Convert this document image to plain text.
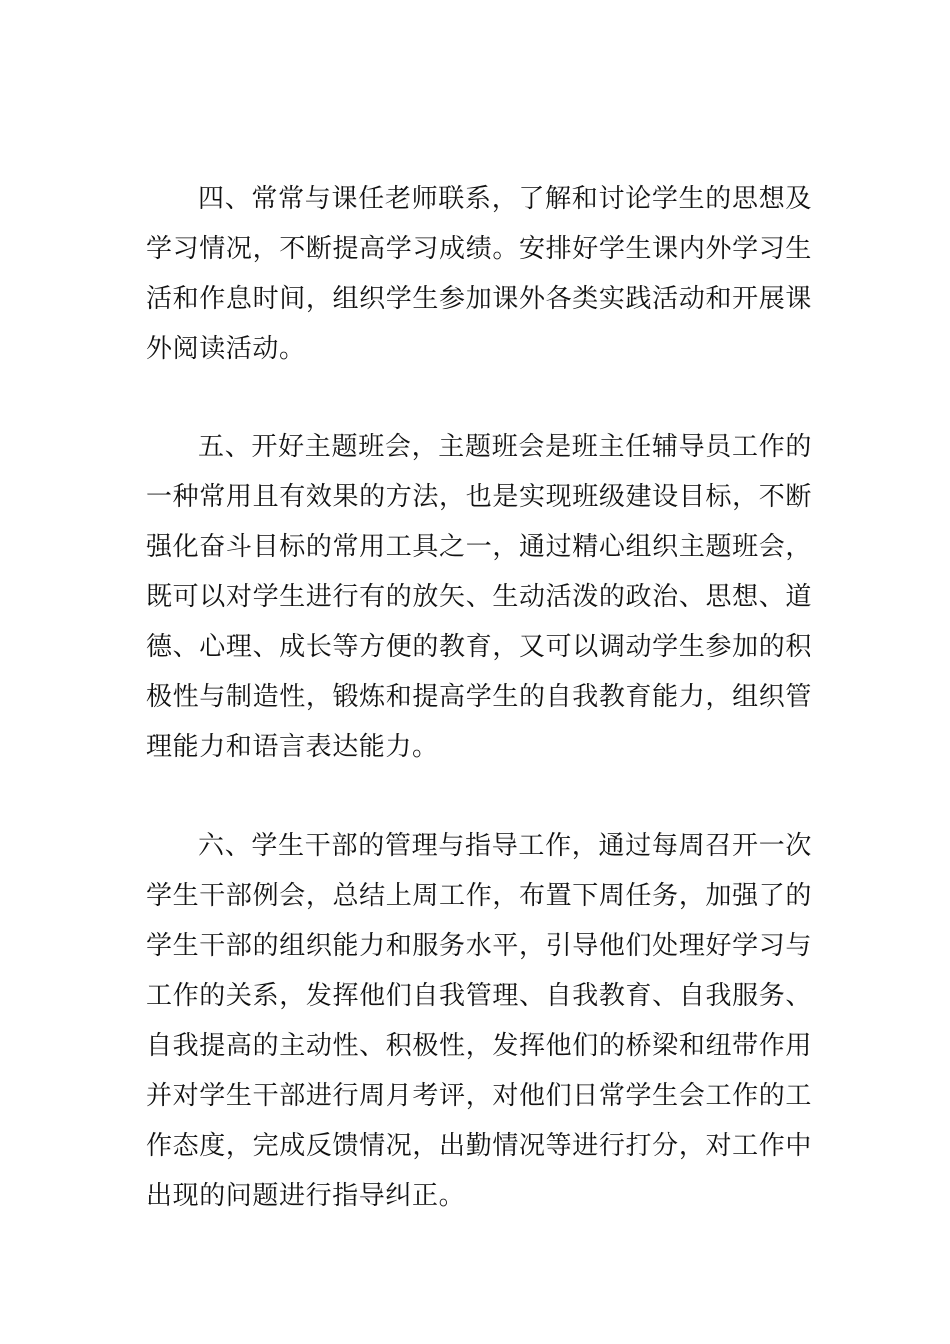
四、常常与课任老师联系，了解和讨论学生的思想及学习情况，不断提高学习成绩。安排好学生课内外学习生活和作息时间，组织学生参加课外各类实践活动和开展课外阅读活动。

五、开好主题班会，主题班会是班主任辅导员工作的一种常用且有效果的方法，也是实现班级建设目标，不断强化奋斗目标的常用工具之一，通过精心组织主题班会，既可以对学生进行有的放矢、生动活泼的政治、思想、道德、心理、成长等方便的教育，又可以调动学生参加的积极性与制造性，锻炼和提高学生的自我教育能力，组织管理能力和语言表达能力。

六、学生干部的管理与指导工作，通过每周召开一次学生干部例会，总结上周工作，布置下周任务，加强了的学生干部的组织能力和服务水平，引导他们处理好学习与工作的关系，发挥他们自我管理、自我教育、自我服务、自我提高的主动性、积极性，发挥他们的桥梁和纽带作用并对学生干部进行周月考评，对他们日常学生会工作的工作态度，完成反馈情况，出勤情况等进行打分，对工作中出现的问题进行指导纠正。
